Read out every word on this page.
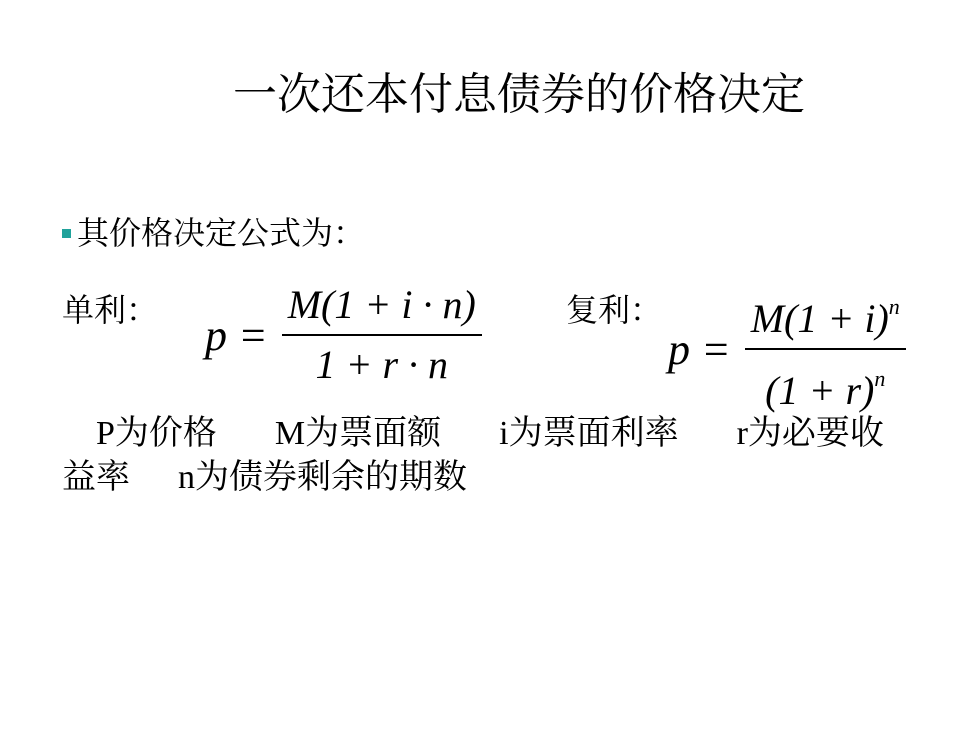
一次还本付息债券的价格决定
其价格决定公式为：
单利：
$p = \frac{M(1 + i \cdot n)}{1 + r \cdot n}$	复利：
$p = \frac{M(1 + i)^n}{(1 + r)^n}$
P为价格 M为票面额 i为票面利率 r为必要收
益率 n为债券剩余的期数
